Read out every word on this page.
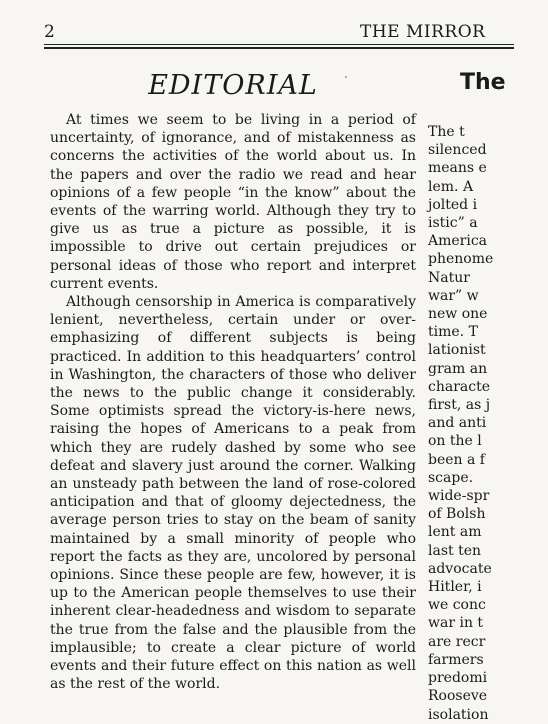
2	THE MIRROR
EDITORIAL

At times we seem to be living in a period of uncertainty, of ignorance, and of mistakenness as concerns the activities of the world about us. In the papers and over the radio we read and hear opinions of a few people “in the know” about the events of the warring world. Although they try to give us as true a picture as possible, it is impossible to drive out certain prejudices or personal ideas of those who report and interpret current events.

Although censorship in America is comparatively lenient, nevertheless, certain under or over-emphasizing of different subjects is being practiced. In addition to this headquarters’ control in Washington, the characters of those who deliver the news to the public change it considerably. Some optimists spread the victory-is-here news, raising the hopes of Americans to a peak from which they are rudely dashed by some who see defeat and slavery just around the corner. Walking an unsteady path between the land of rose-colored anticipation and that of gloomy dejectedness, the average person tries to stay on the beam of sanity maintained by a small minority of people who report the facts as they are, uncolored by personal opinions. Since these people are few, however, it is up to the American people themselves to use their inherent clear-headedness and wisdom to separate the true from the false and the plausible from the implausible; to create a clear picture of world events and their future effect on this nation as well as the rest of the world.

The
The t
silenced
means e
lem. A
jolted i
istic” a
America
phenome
Natur
war” w
new one
time. T
lationist
gram an
characte
first, as j
and anti
on the l
been a f
scape.
wide-spr
of Bolsh
lent am
last ten
advocate
Hitler, i
we conc
war in t
are recr
farmers
predomi
Rooseve
isolation
